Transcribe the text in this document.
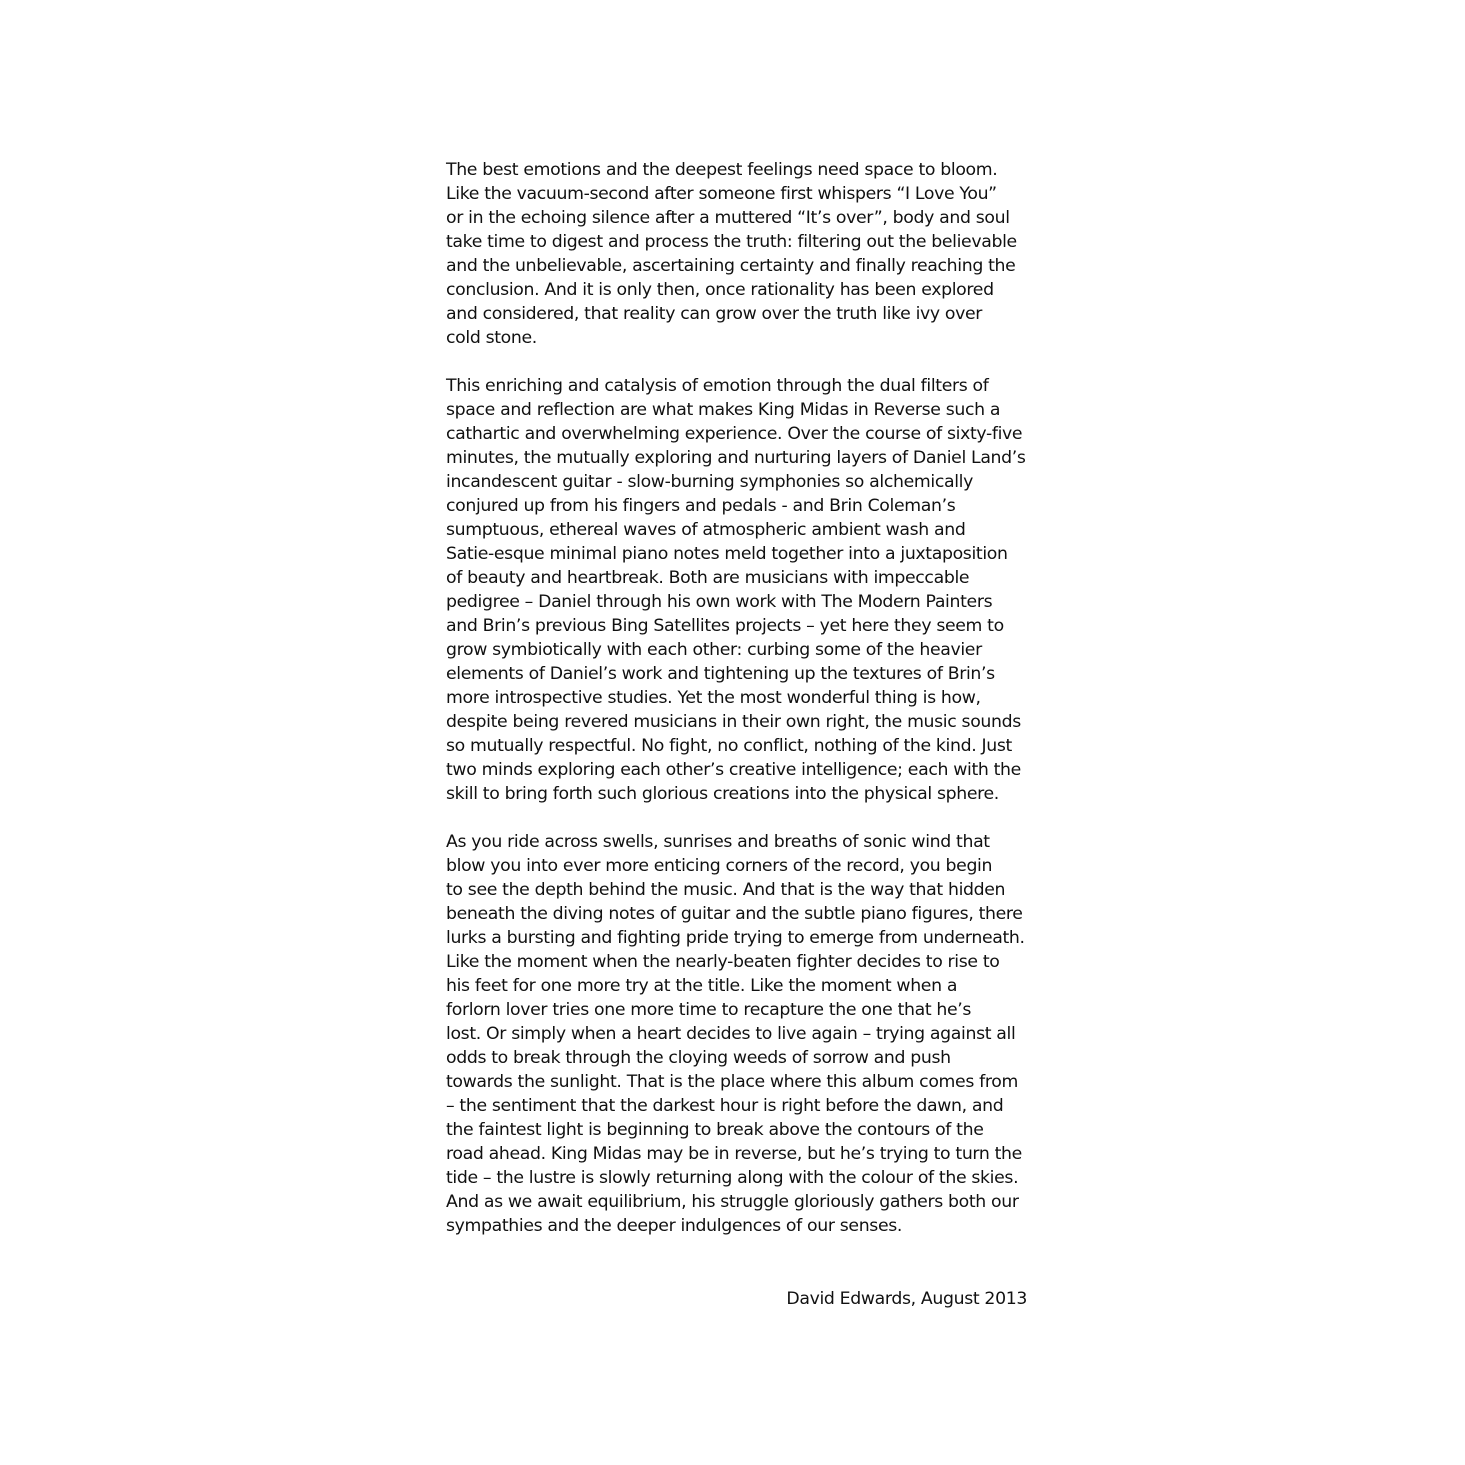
The best emotions and the deepest feelings need space to bloom.
Like the vacuum-second after someone first whispers “I Love You”
or in the echoing silence after a muttered “It’s over”, body and soul
take time to digest and process the truth: filtering out the believable
and the unbelievable, ascertaining certainty and finally reaching the
conclusion. And it is only then, once rationality has been explored
and considered, that reality can grow over the truth like ivy over
cold stone.
This enriching and catalysis of emotion through the dual filters of
space and reflection are what makes King Midas in Reverse such a
cathartic and overwhelming experience. Over the course of sixty-five
minutes, the mutually exploring and nurturing layers of Daniel Land’s
incandescent guitar - slow-burning symphonies so alchemically
conjured up from his fingers and pedals - and Brin Coleman’s
sumptuous, ethereal waves of atmospheric ambient wash and
Satie-esque minimal piano notes meld together into a juxtaposition
of beauty and heartbreak. Both are musicians with impeccable
pedigree – Daniel through his own work with The Modern Painters
and Brin’s previous Bing Satellites projects – yet here they seem to
grow symbiotically with each other: curbing some of the heavier
elements of Daniel’s work and tightening up the textures of Brin’s
more introspective studies. Yet the most wonderful thing is how,
despite being revered musicians in their own right, the music sounds
so mutually respectful. No fight, no conflict, nothing of the kind. Just
two minds exploring each other’s creative intelligence; each with the
skill to bring forth such glorious creations into the physical sphere.
As you ride across swells, sunrises and breaths of sonic wind that
blow you into ever more enticing corners of the record, you begin
to see the depth behind the music. And that is the way that hidden
beneath the diving notes of guitar and the subtle piano figures, there
lurks a bursting and fighting pride trying to emerge from underneath.
Like the moment when the nearly-beaten fighter decides to rise to
his feet for one more try at the title. Like the moment when a
forlorn lover tries one more time to recapture the one that he’s
lost. Or simply when a heart decides to live again – trying against all
odds to break through the cloying weeds of sorrow and push
towards the sunlight. That is the place where this album comes from
– the sentiment that the darkest hour is right before the dawn, and
the faintest light is beginning to break above the contours of the
road ahead. King Midas may be in reverse, but he’s trying to turn the
tide – the lustre is slowly returning along with the colour of the skies.
And as we await equilibrium, his struggle gloriously gathers both our
sympathies and the deeper indulgences of our senses.
David Edwards, August 2013
